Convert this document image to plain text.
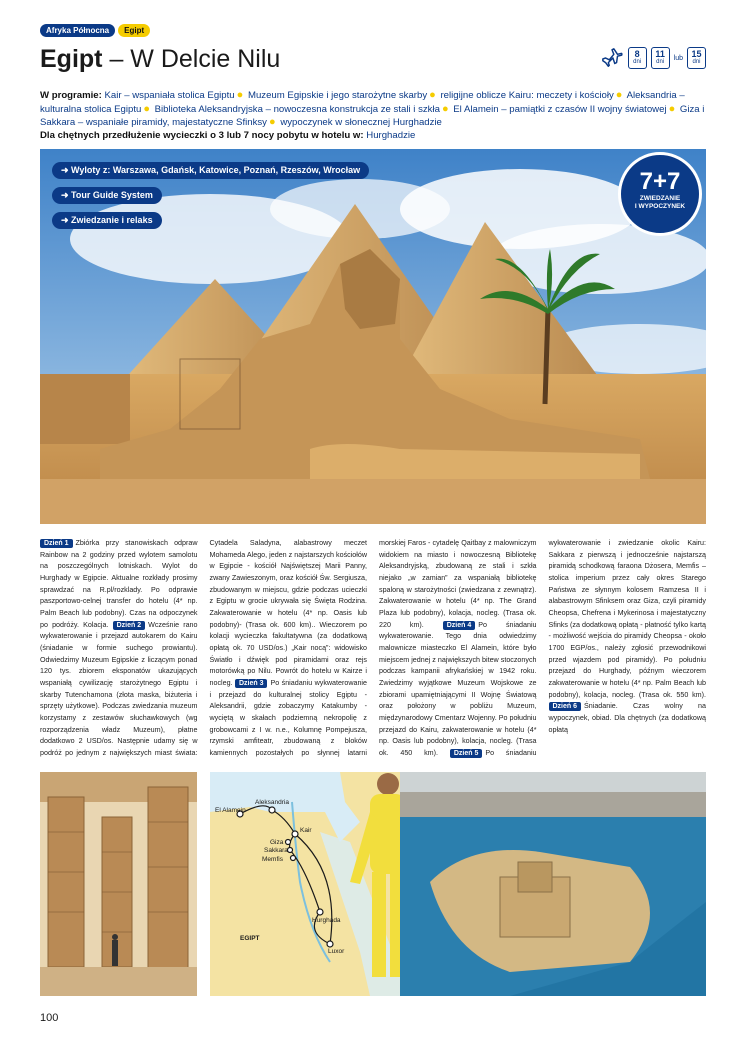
Afryka Północna	Egipt
Egipt – W Delcie Nilu	8
dni
11
dni
lub 15
dni
W programie: Kair – wspaniała stolica Egiptu ● Muzeum Egipskie i jego starożytne skarby ● religijne oblicze Kairu: meczety i kościoły ● Aleksandria – kulturalna stolica Egiptu ● Biblioteka Aleksandryjska – nowoczesna konstrukcja ze stali i szkła ● El Alamein – pamiątki z czasów II wojny światowej ● Giza i Sakkara – wspaniałe piramidy, majestatyczne Sfinksy ● wypoczynek w słonecznej Hurghadzie
Dla chętnych przedłużenie wycieczki o 3 lub 7 nocy pobytu w hotelu w: Hurghadzie
➜ Wyloty z: Warszawa, Gdańsk, Katowice, Poznań, Rzeszów, Wrocław
➜ Tour Guide System
➜ Zwiedzanie i relaks
7+7
ZWIEDZANIE
I WYPOCZYNEK
Dzień 1 Zbiórka przy stanowiskach odpraw Rainbow na 2 godziny przed wylotem samolotu na poszczególnych lotniskach. Wylot do Hurghady w Egipcie. Aktualne rozkłady prosimy sprawdzać na R.pl/rozklady. Po odprawie paszportowo-celnej transfer do hotelu (4* np. Palm Beach lub podobny). Czas na odpoczynek po podróży. Kolacja. Dzień 2 Wcześnie rano wykwaterowanie i przejazd autokarem do Kairu (śniadanie w formie suchego prowiantu). Odwiedzimy Muzeum Egipskie z liczącym ponad 120 tys. zbiorem eksponatów ukazujących wspaniałą cywilizację starożytnego Egiptu i skarby Tutenchamona (złota maska, biżuteria i sprzęty użytkowe). Podczas zwiedzania muzeum korzystamy z zestawów słuchawkowych (wg rozporządzenia władz Muzeum), płatne dodatkowo 2 USD/os. Następnie udamy się w podróż po jednym z największych miast świata: Cytadela Saladyna, alabastrowy meczet Mohameda Alego, jeden z najstarszych kościołów w Egipcie - kościół Najświętszej Marii Panny, zwany Zawieszonym, oraz kościół Św. Sergiusza, zbudowanym w miejscu, gdzie podczas ucieczki z Egiptu w grocie ukrywała się Święta Rodzina. Zakwaterowanie w hotelu (4* np. Oasis lub podobny)- (Trasa ok. 600 km).. Wieczorem po kolacji wycieczka fakultatywna (za dodatkową opłatą ok. 70 USD/os.) „Kair nocą”: widowisko Światło i dźwięk pod piramidami oraz rejs motorówką po Nilu. Powrót do hotelu w Kairze i nocleg. Dzień 3 Po śniadaniu wykwaterowanie i przejazd do kulturalnej stolicy Egiptu - Aleksandrii, gdzie zobaczymy Katakumby - wyciętą w skałach podziemną nekropolię z grobowcami z I w. n.e., Kolumnę Pompejusza, rzymski amfiteatr, zbudowaną z bloków kamiennych pozostałych po słynnej latarni morskiej Faros - cytadelę Qaitbay z malowniczym widokiem na miasto i nowoczesną Bibliotekę Aleksandryjską, zbudowaną ze stali i szkła niejako „w zamian” za wspaniałą bibliotekę spaloną w starożytności (zwiedzana z zewnątrz). Zakwaterowanie w hotelu (4* np. The Grand Plaza lub podobny), kolacja, nocleg. (Trasa ok. 220 km).	Dzień 4 Po śniadaniu wykwaterowanie. Tego dnia odwiedzimy malownicze miasteczko El Alamein, które było miejscem jednej z największych bitew stoczonych podczas kampanii afrykańskiej w 1942 roku. Zwiedzimy wyjątkowe Muzeum Wojskowe ze zbiorami upamiętniającymi II Wojnę Światową oraz położony w pobliżu Muzeum, międzynarodowy Cmentarz Wojenny. Po południu przejazd do Kairu, zakwaterowanie w hotelu (4* np. Oasis lub podobny), kolacja, nocleg. (Trasa ok. 450 km). Dzień 5 Po śniadaniu wykwaterowanie i zwiedzanie okolic Kairu: Sakkara z pierwszą i jednocześnie najstarszą piramidą schodkową faraona Dżosera, Memfis – stolica imperium przez cały okres Starego Państwa ze słynnym kolosem Ramzesa II i alabastrowym Sfinksem oraz Giza, czyli piramidy Cheopsa, Chefrena i Mykerinosa i majestatyczny Sfinks (za dodatkową opłatą - płatność tylko kartą - możliwość wejścia do piramidy Cheopsa - około 1700 EGP/os., należy zgłosić przewodnikowi przed wjazdem pod piramidy). Po południu przejazd do Hurghady, późnym wieczorem zakwaterowanie w hotelu (4* np. Palm Beach lub podobny), kolacja, nocleg. (Trasa ok. 550 km). Dzień 6 Śniadanie. Czas wolny na wypoczynek, obiad. Dla chętnych (za dodatkową opłatą
El Alamein
Aleksandria
Kair
Giza
Sakkara
Memfis
Hurghada
Luxor
EGIPT
100
